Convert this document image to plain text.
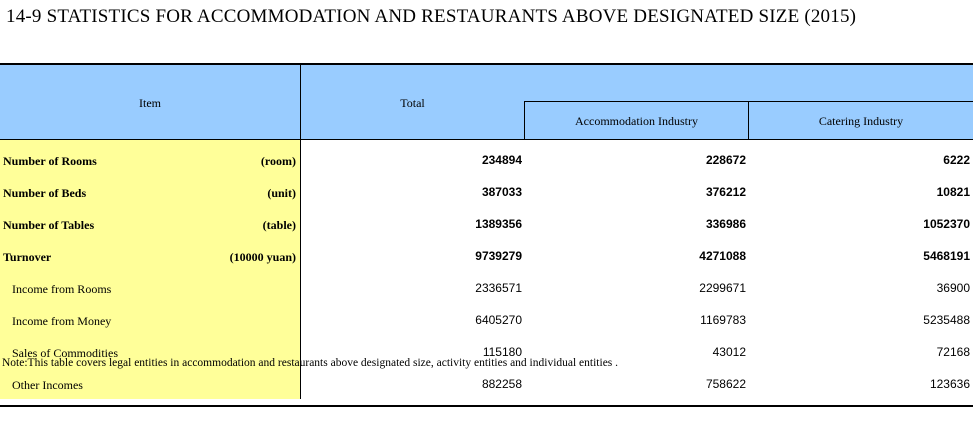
14-9 STATISTICS FOR ACCOMMODATION AND RESTAURANTS ABOVE DESIGNATED SIZE (2015)
Item	Total
Accommodation Industry	Catering Industry
Number of Rooms	(room)	234894	228672	6222
Number of Beds	(unit)	387033	376212	10821
Number of Tables	(table)	1389356	336986	1052370
Turnover	(10000 yuan)	9739279	4271088	5468191
Income from Rooms	2336571	2299671	36900
Income from Money	6405270	1169783	5235488
Sales of Commodities	115180	43012	72168
Other Incomes	882258	758622	123636
Note:This table covers legal entities in accommodation and restaurants above designated size, activity entities and individual entities .
